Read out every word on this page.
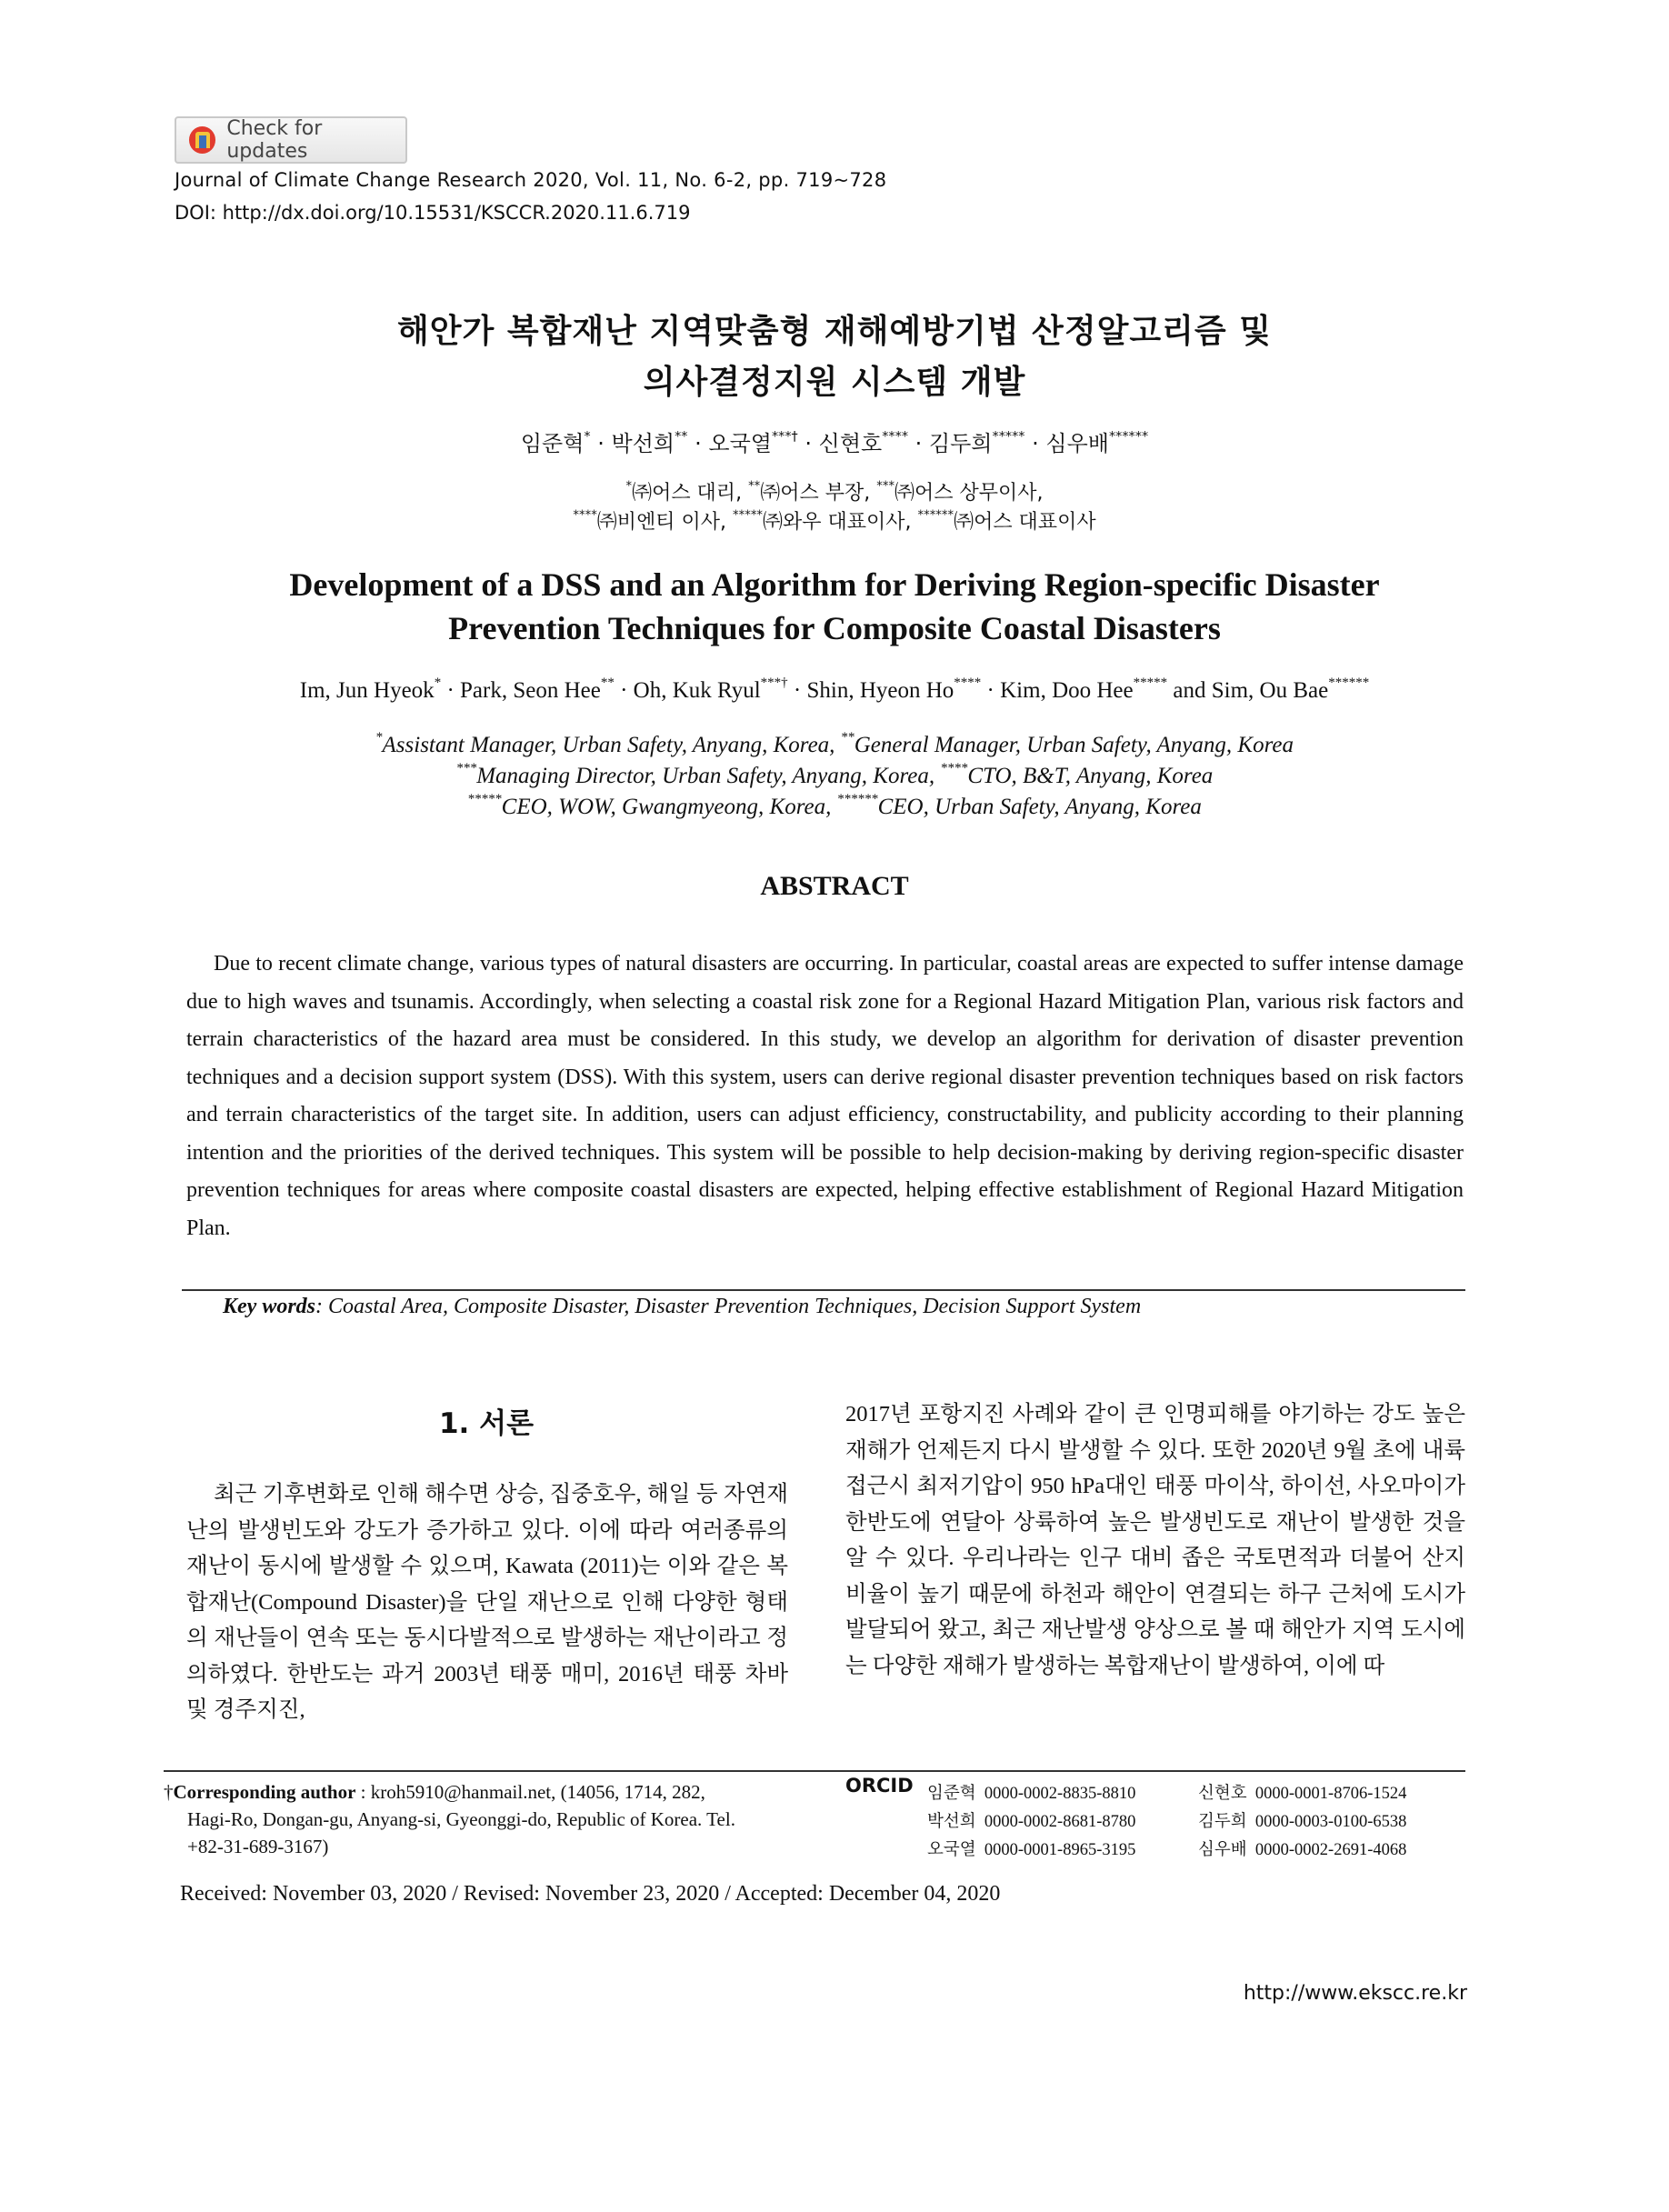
Check for updates
Journal of Climate Change Research 2020, Vol. 11, No. 6-2, pp. 719~728
DOI: http://dx.doi.org/10.15531/KSCCR.2020.11.6.719
해안가 복합재난 지역맞춤형 재해예방기법 산정알고리즘 및
의사결정지원 시스템 개발
임준혁* · 박선희** · 오국열***† · 신현호**** · 김두희***** · 심우배******
*㈜어스 대리, **㈜어스 부장, ***㈜어스 상무이사,
****㈜비엔티 이사, *****㈜와우 대표이사, ******㈜어스 대표이사
Development of a DSS and an Algorithm for Deriving Region-specific Disaster
Prevention Techniques for Composite Coastal Disasters
Im, Jun Hyeok* · Park, Seon Hee** · Oh, Kuk Ryul***† · Shin, Hyeon Ho**** · Kim, Doo Hee***** and Sim, Ou Bae******
*Assistant Manager, Urban Safety, Anyang, Korea, **General Manager, Urban Safety, Anyang, Korea
***Managing Director, Urban Safety, Anyang, Korea, ****CTO, B&T, Anyang, Korea
*****CEO, WOW, Gwangmyeong, Korea, ******CEO, Urban Safety, Anyang, Korea
ABSTRACT
Due to recent climate change, various types of natural disasters are occurring. In particular, coastal areas are expected to suffer intense damage due to high waves and tsunamis. Accordingly, when selecting a coastal risk zone for a Regional Hazard Mitigation Plan, various risk factors and terrain characteristics of the hazard area must be considered. In this study, we develop an algorithm for derivation of disaster prevention techniques and a decision support system (DSS). With this system, users can derive regional disaster prevention techniques based on risk factors and terrain characteristics of the target site. In addition, users can adjust efficiency, constructability, and publicity according to their planning intention and the priorities of the derived techniques. This system will be possible to help decision-making by deriving region-specific disaster prevention techniques for areas where composite coastal disasters are expected, helping effective establishment of Regional Hazard Mitigation Plan.
Key words: Coastal Area, Composite Disaster, Disaster Prevention Techniques, Decision Support System
1. 서론

최근 기후변화로 인해 해수면 상승, 집중호우, 해일 등 자연재난의 발생빈도와 강도가 증가하고 있다. 이에 따라 여러종류의 재난이 동시에 발생할 수 있으며, Kawata (2011)는 이와 같은 복합재난(Compound Disaster)을 단일 재난으로 인해 다양한 형태의 재난들이 연속 또는 동시다발적으로 발생하는 재난이라고 정의하였다. 한반도는 과거 2003년 태풍 매미, 2016년 태풍 차바 및 경주지진,

2017년 포항지진 사례와 같이 큰 인명피해를 야기하는 강도 높은 재해가 언제든지 다시 발생할 수 있다. 또한 2020년 9월 초에 내륙 접근시 최저기압이 950 hPa대인 태풍 마이삭, 하이선, 사오마이가 한반도에 연달아 상륙하여 높은 발생빈도로 재난이 발생한 것을 알 수 있다. 우리나라는 인구 대비 좁은 국토면적과 더불어 산지 비율이 높기 때문에 하천과 해안이 연결되는 하구 근처에 도시가 발달되어 왔고, 최근 재난발생 양상으로 볼 때 해안가 지역 도시에는 다양한 재해가 발생하는 복합재난이 발생하여, 이에 따

†Corresponding author : kroh5910@hanmail.net, (14056, 1714, 282,
Hagi-Ro, Dongan-gu, Anyang-si, Gyeonggi-do, Republic of Korea. Tel.
+82-31-689-3167)
ORCID 임준혁 0000-0002-8835-8810	신현호 0000-0001-8706-1524
박선희 0000-0002-8681-8780	김두희 0000-0003-0100-6538
오국열 0000-0001-8965-3195	심우배 0000-0002-2691-4068
Received: November 03, 2020 / Revised: November 23, 2020 / Accepted: December 04, 2020
http://www.ekscc.re.kr
